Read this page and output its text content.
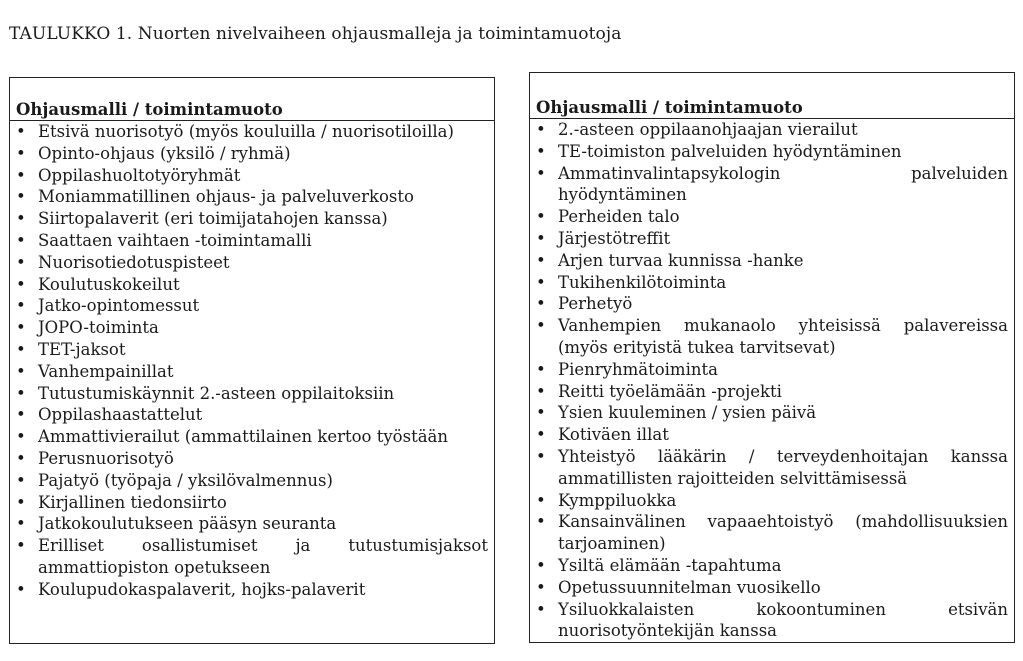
TAULUKKO 1. Nuorten nivelvaiheen ohjausmalleja ja toimintamuotoja
Ohjausmalli / toimintamuoto
• Etsivä nuorisotyö (myös kouluilla / nuorisotiloilla)
• Opinto-ohjaus (yksilö / ryhmä)
• Oppilashuoltotyöryhmät
• Moniammatillinen ohjaus- ja palveluverkosto
• Siirtopalaverit (eri toimijatahojen kanssa)
• Saattaen vaihtaen -toimintamalli
• Nuorisotiedotuspisteet
• Koulutuskokeilut
• Jatko-opintomessut
• JOPO-toiminta
• TET-jaksot
• Vanhempainillat
• Tutustumiskäynnit 2.-asteen oppilaitoksiin
• Oppilashaastattelut
• Ammattivierailut (ammattilainen kertoo työstään
• Perusnuorisotyö
• Pajatyö (työpaja / yksilövalmennus)
• Kirjallinen tiedonsiirto
• Jatkokoulutukseen pääsyn seuranta
• Erilliset osallistumiset ja tutustumisjaksot ammattiopiston opetukseen
• Koulupudokaspalaverit, hojks-palaverit
Ohjausmalli / toimintamuoto
• 2.-asteen oppilaanohjaajan vierailut
• TE-toimiston palveluiden hyödyntäminen
• Ammatinvalintapsykologin palveluiden hyödyntäminen
• Perheiden talo
• Järjestötreffit
• Arjen turvaa kunnissa -hanke
• Tukihenkilötoiminta
• Perhetyö
• Vanhempien mukanaolo yhteisissä palavereissa (myös erityistä tukea tarvitsevat)
• Pienryhmätoiminta
• Reitti työelämään -projekti
• Ysien kuuleminen / ysien päivä
• Kotiväen illat
• Yhteistyö lääkärin / terveydenhoitajan kanssa ammatillisten rajoitteiden selvittämisessä
• Kymppiluokka
• Kansainvälinen vapaaehtoistyö (mahdollisuuksien tarjoaminen)
• Ysiltä elämään -tapahtuma
• Opetussuunnitelman vuosikello
• Ysiluokkalaisten kokoontuminen etsivän nuorisotyöntekijän kanssa
